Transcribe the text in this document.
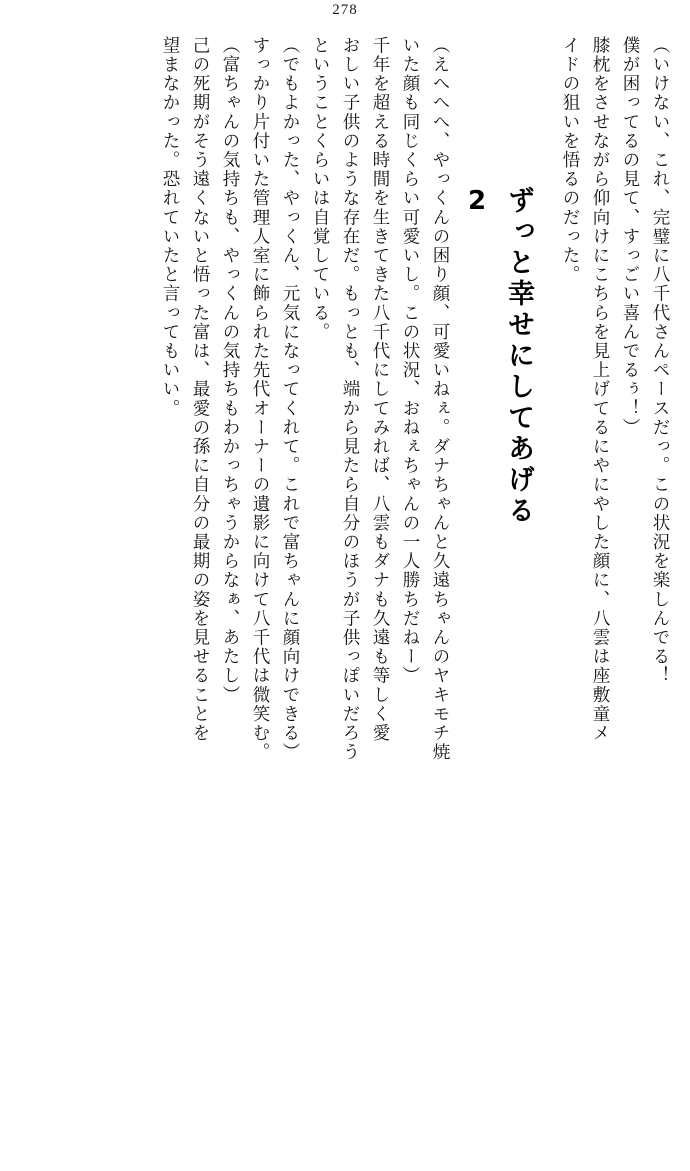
278
（いけない、これ、完璧に八千代さんペースだっ。この状況を楽しんでる！
僕が困ってるの見て、すっごい喜んでるぅ！）
膝枕をさせながら仰向けにこちらを見上げてるにやにやした顔に、八雲は座敷童メ
イドの狙いを悟るのだった。
ずっと幸せにしてあげる
2
（えへへへ、やっくんの困り顔、可愛いねぇ。ダナちゃんと久遠ちゃんのヤキモチ焼
いた顔も同じくらい可愛いし。この状況、おねぇちゃんの一人勝ちだねー）
千年を超える時間を生きてきた八千代にしてみれば、八雲もダナも久遠も等しく愛
おしい子供のような存在だ。もっとも、端から見たら自分のほうが子供っぽいだろう
ということくらいは自覚している。
（でもよかった、やっくん、元気になってくれて。これで富ちゃんに顔向けできる）
すっかり片付いた管理人室に飾られた先代オーナーの遺影に向けて八千代は微笑む。
（富ちゃんの気持ちも、やっくんの気持ちもわかっちゃうからなぁ、あたし）
己の死期がそう遠くないと悟った富は、最愛の孫に自分の最期の姿を見せることを
望まなかった。恐れていたと言ってもいい。
